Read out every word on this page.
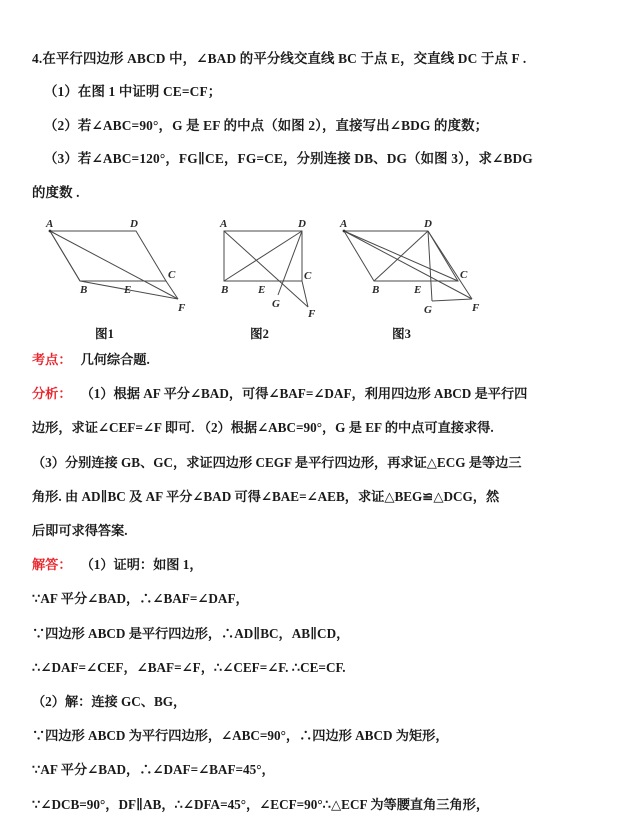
4.在平行四边形 ABCD 中，∠BAD 的平分线交直线 BC 于点 E，交直线 DC 于点 F .
（1）在图 1 中证明 CE=CF；
（2）若∠ABC=90°，G 是 EF 的中点（如图 2），直接写出∠BDG 的度数；
（3）若∠ABC=120°，FG∥CE，FG=CE，分别连接 DB、DG（如图 3），求∠BDG
的度数 .
A	D
B	E
C
F
A	D
B	E
C
G
F
A	D
B	E
C
G	F
图1	图2	图3
考点： 几何综合题.
分析： （1）根据 AF 平分∠BAD，可得∠BAF=∠DAF，利用四边形 ABCD 是平行四
边形，求证∠CEF=∠F 即可. （2）根据∠ABC=90°，G 是 EF 的中点可直接求得.
（3）分别连接 GB、GC，求证四边形 CEGF 是平行四边形，再求证△ECG 是等边三
角形. 由 AD∥BC 及 AF 平分∠BAD 可得∠BAE=∠AEB，求证△BEG≌△DCG，然
后即可求得答案.
解答： （1）证明：如图 1，
∵AF 平分∠BAD，∴∠BAF=∠DAF，
∵四边形 ABCD 是平行四边形，∴AD∥BC，AB∥CD，
∴∠DAF=∠CEF，∠BAF=∠F，∴∠CEF=∠F. ∴CE=CF.
（2）解：连接 GC、BG，
∵四边形 ABCD 为平行四边形，∠ABC=90°，∴四边形 ABCD 为矩形，
∵AF 平分∠BAD，∴∠DAF=∠BAF=45°，
∵∠DCB=90°，DF∥AB，∴∠DFA=45°，∠ECF=90°∴△ECF 为等腰直角三角形，
